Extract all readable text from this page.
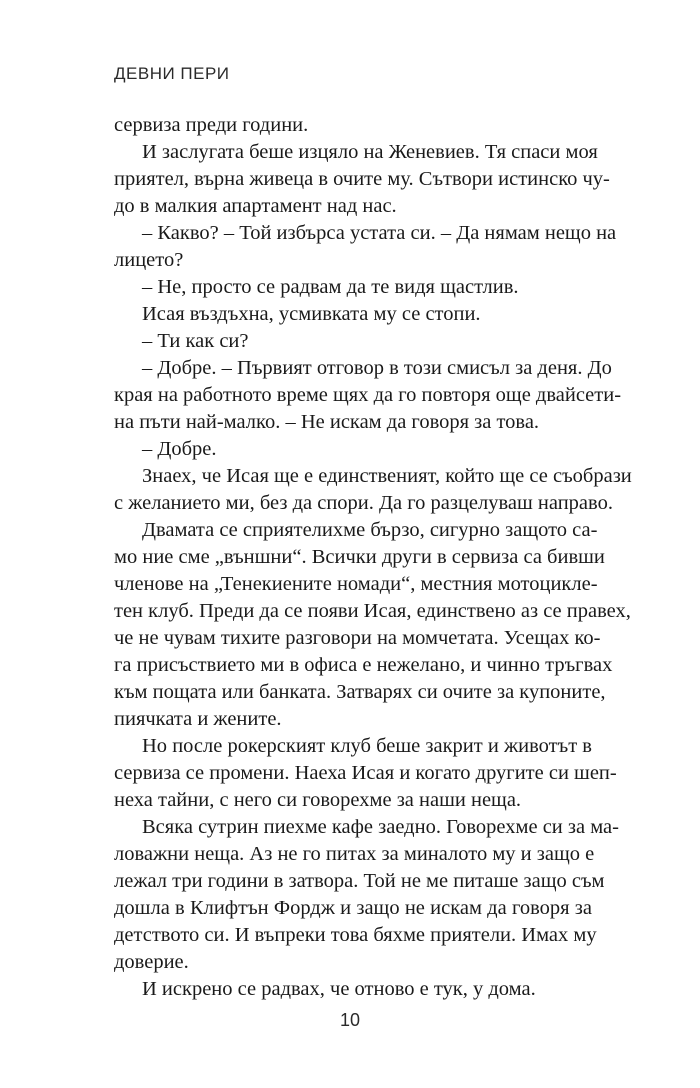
ДЕВНИ ПЕРИ
сервиза преди години.
И заслугата беше изцяло на Женевиев. Тя спаси моя
приятел, върна живеца в очите му. Сътвори истинско чу-
до в малкия апартамент над нас.
– Какво? – Той избърса устата си. – Да нямам нещо на
лицето?
– Не, просто се радвам да те видя щастлив.
Исая въздъхна, усмивката му се стопи.
– Ти как си?
– Добре. – Първият отговор в този смисъл за деня. До
края на работното време щях да го повторя още двайсети-
на пъти най-малко. – Не искам да говоря за това.
– Добре.
Знаех, че Исая ще е единственият, който ще се съобрази
с желанието ми, без да спори. Да го разцелуваш направо.
Двамата се сприятелихме бързо, сигурно защото са-
мо ние сме „външни“. Всички други в сервиза са бивши
членове на „Тенекиените номади“, местния мотоцикле-
тен клуб. Преди да се появи Исая, единствено аз се правех,
че не чувам тихите разговори на момчетата. Усещах ко-
га присъствието ми в офиса е нежелано, и чинно тръгвах
към пощата или банката. Затварях си очите за купоните,
пиячката и жените.
Но после рокерският клуб беше закрит и животът в
сервиза се промени. Наеха Исая и когато другите си шеп-
неха тайни, с него си говорехме за наши неща.
Всяка сутрин пиехме кафе заедно. Говорехме си за ма-
ловажни неща. Аз не го питах за миналото му и защо е
лежал три години в затвора. Той не ме питаше защо съм
дошла в Клифтън Фордж и защо не искам да говоря за
детството си. И въпреки това бяхме приятели. Имах му
доверие.
И искрено се радвах, че отново е тук, у дома.
10
